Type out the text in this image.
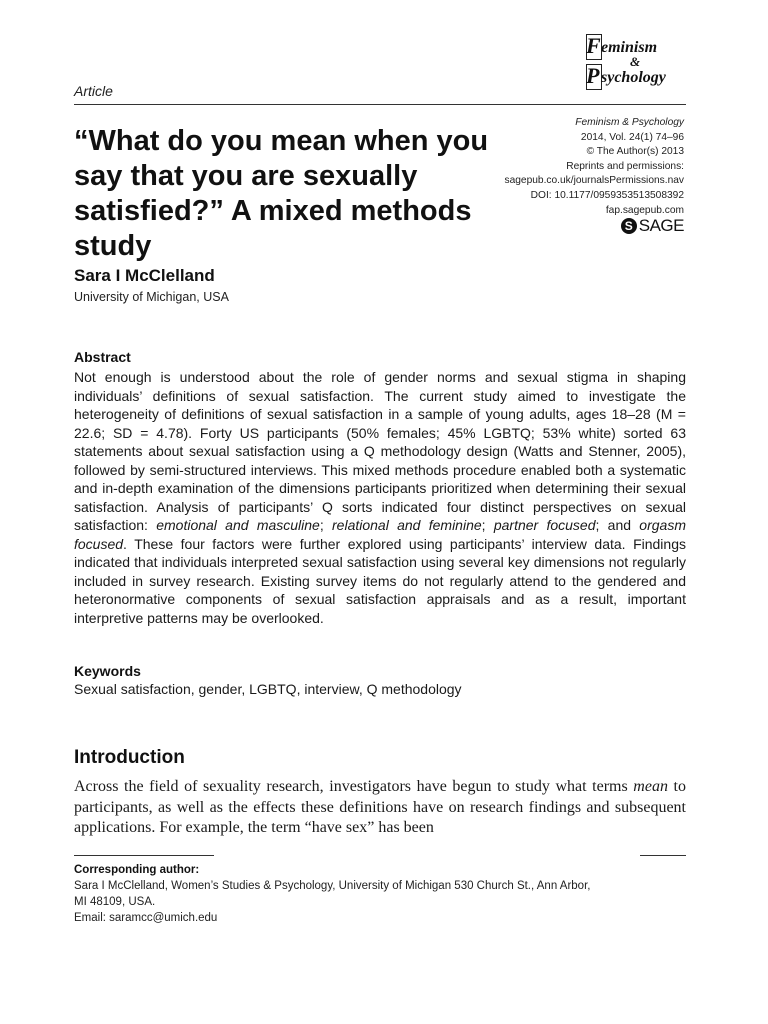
F eminism
&
P sychology
Article
“What do you mean when you say that you are sexually satisfied?” A mixed methods study
Feminism & Psychology
2014, Vol. 24(1) 74–96
© The Author(s) 2013
Reprints and permissions:
sagepub.co.uk/journalsPermissions.nav
DOI: 10.1177/0959353513508392
fap.sagepub.com
S SAGE
Sara I McClelland
University of Michigan, USA
Abstract

Not enough is understood about the role of gender norms and sexual stigma in shaping individuals’ definitions of sexual satisfaction. The current study aimed to investigate the heterogeneity of definitions of sexual satisfaction in a sample of young adults, ages 18–28 (M = 22.6; SD = 4.78). Forty US participants (50% females; 45% LGBTQ; 53% white) sorted 63 statements about sexual satisfaction using a Q methodology design (Watts and Stenner, 2005), followed by semi-structured interviews. This mixed methods procedure enabled both a systematic and in-depth examination of the dimensions participants prioritized when determining their sexual satisfaction. Analysis of participants’ Q sorts indicated four distinct perspectives on sexual satisfaction: emotional and masculine; relational and feminine; partner focused; and orgasm focused. These four factors were further explored using participants’ interview data. Findings indicated that individuals interpreted sexual satisfaction using several key dimensions not regularly included in survey research. Existing survey items do not regularly attend to the gendered and heteronormative components of sexual satisfaction appraisals and as a result, important interpretive patterns may be overlooked.

Keywords
Sexual satisfaction, gender, LGBTQ, interview, Q methodology
Introduction

Across the field of sexuality research, investigators have begun to study what terms mean to participants, as well as the effects these definitions have on research findings and subsequent applications. For example, the term “have sex” has been

Corresponding author:
Sara I McClelland, Women’s Studies & Psychology, University of Michigan 530 Church St., Ann Arbor,
MI 48109, USA.
Email: saramcc@umich.edu
